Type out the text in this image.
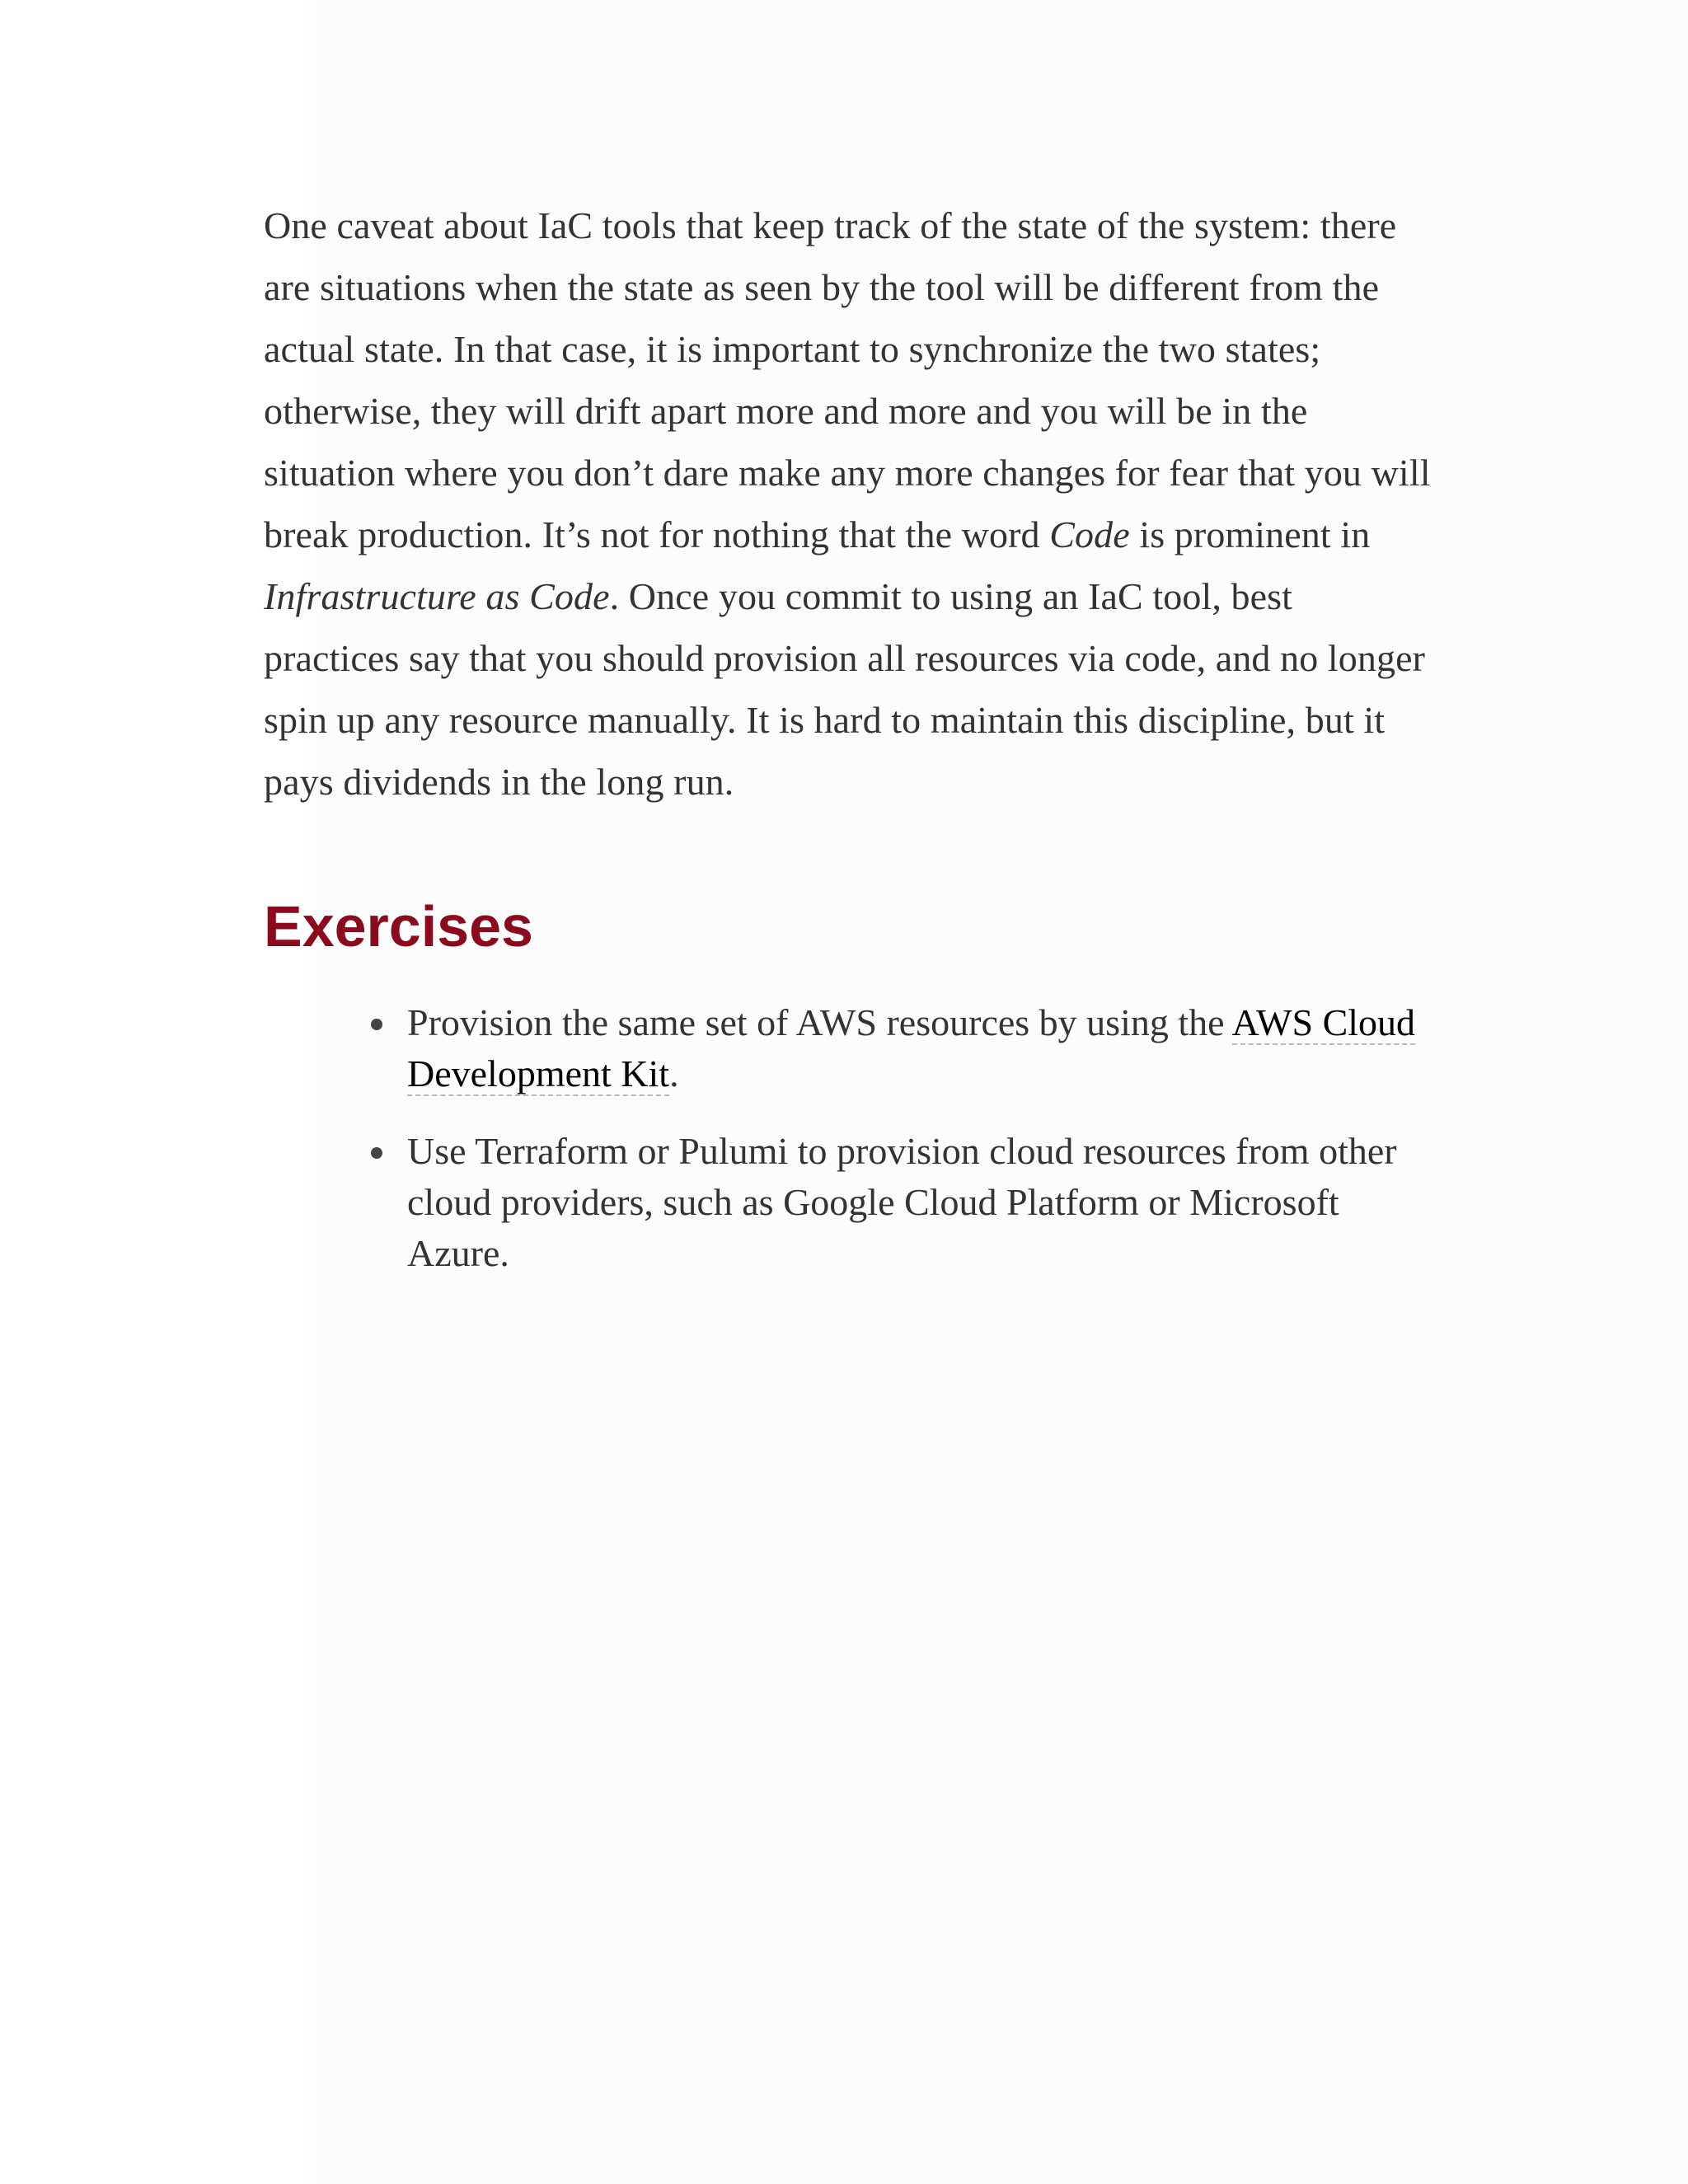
One caveat about IaC tools that keep track of the state of the system: there are situations when the state as seen by the tool will be different from the actual state. In that case, it is important to synchronize the two states; otherwise, they will drift apart more and more and you will be in the situation where you don’t dare make any more changes for fear that you will break production. It’s not for nothing that the word Code is prominent in Infrastructure as Code. Once you commit to using an IaC tool, best practices say that you should provision all resources via code, and no longer spin up any resource manually. It is hard to maintain this discipline, but it pays dividends in the long run.

Exercises
Provision the same set of AWS resources by using the AWS Cloud Development Kit.
Use Terraform or Pulumi to provision cloud resources from other cloud providers, such as Google Cloud Platform or Microsoft Azure.
